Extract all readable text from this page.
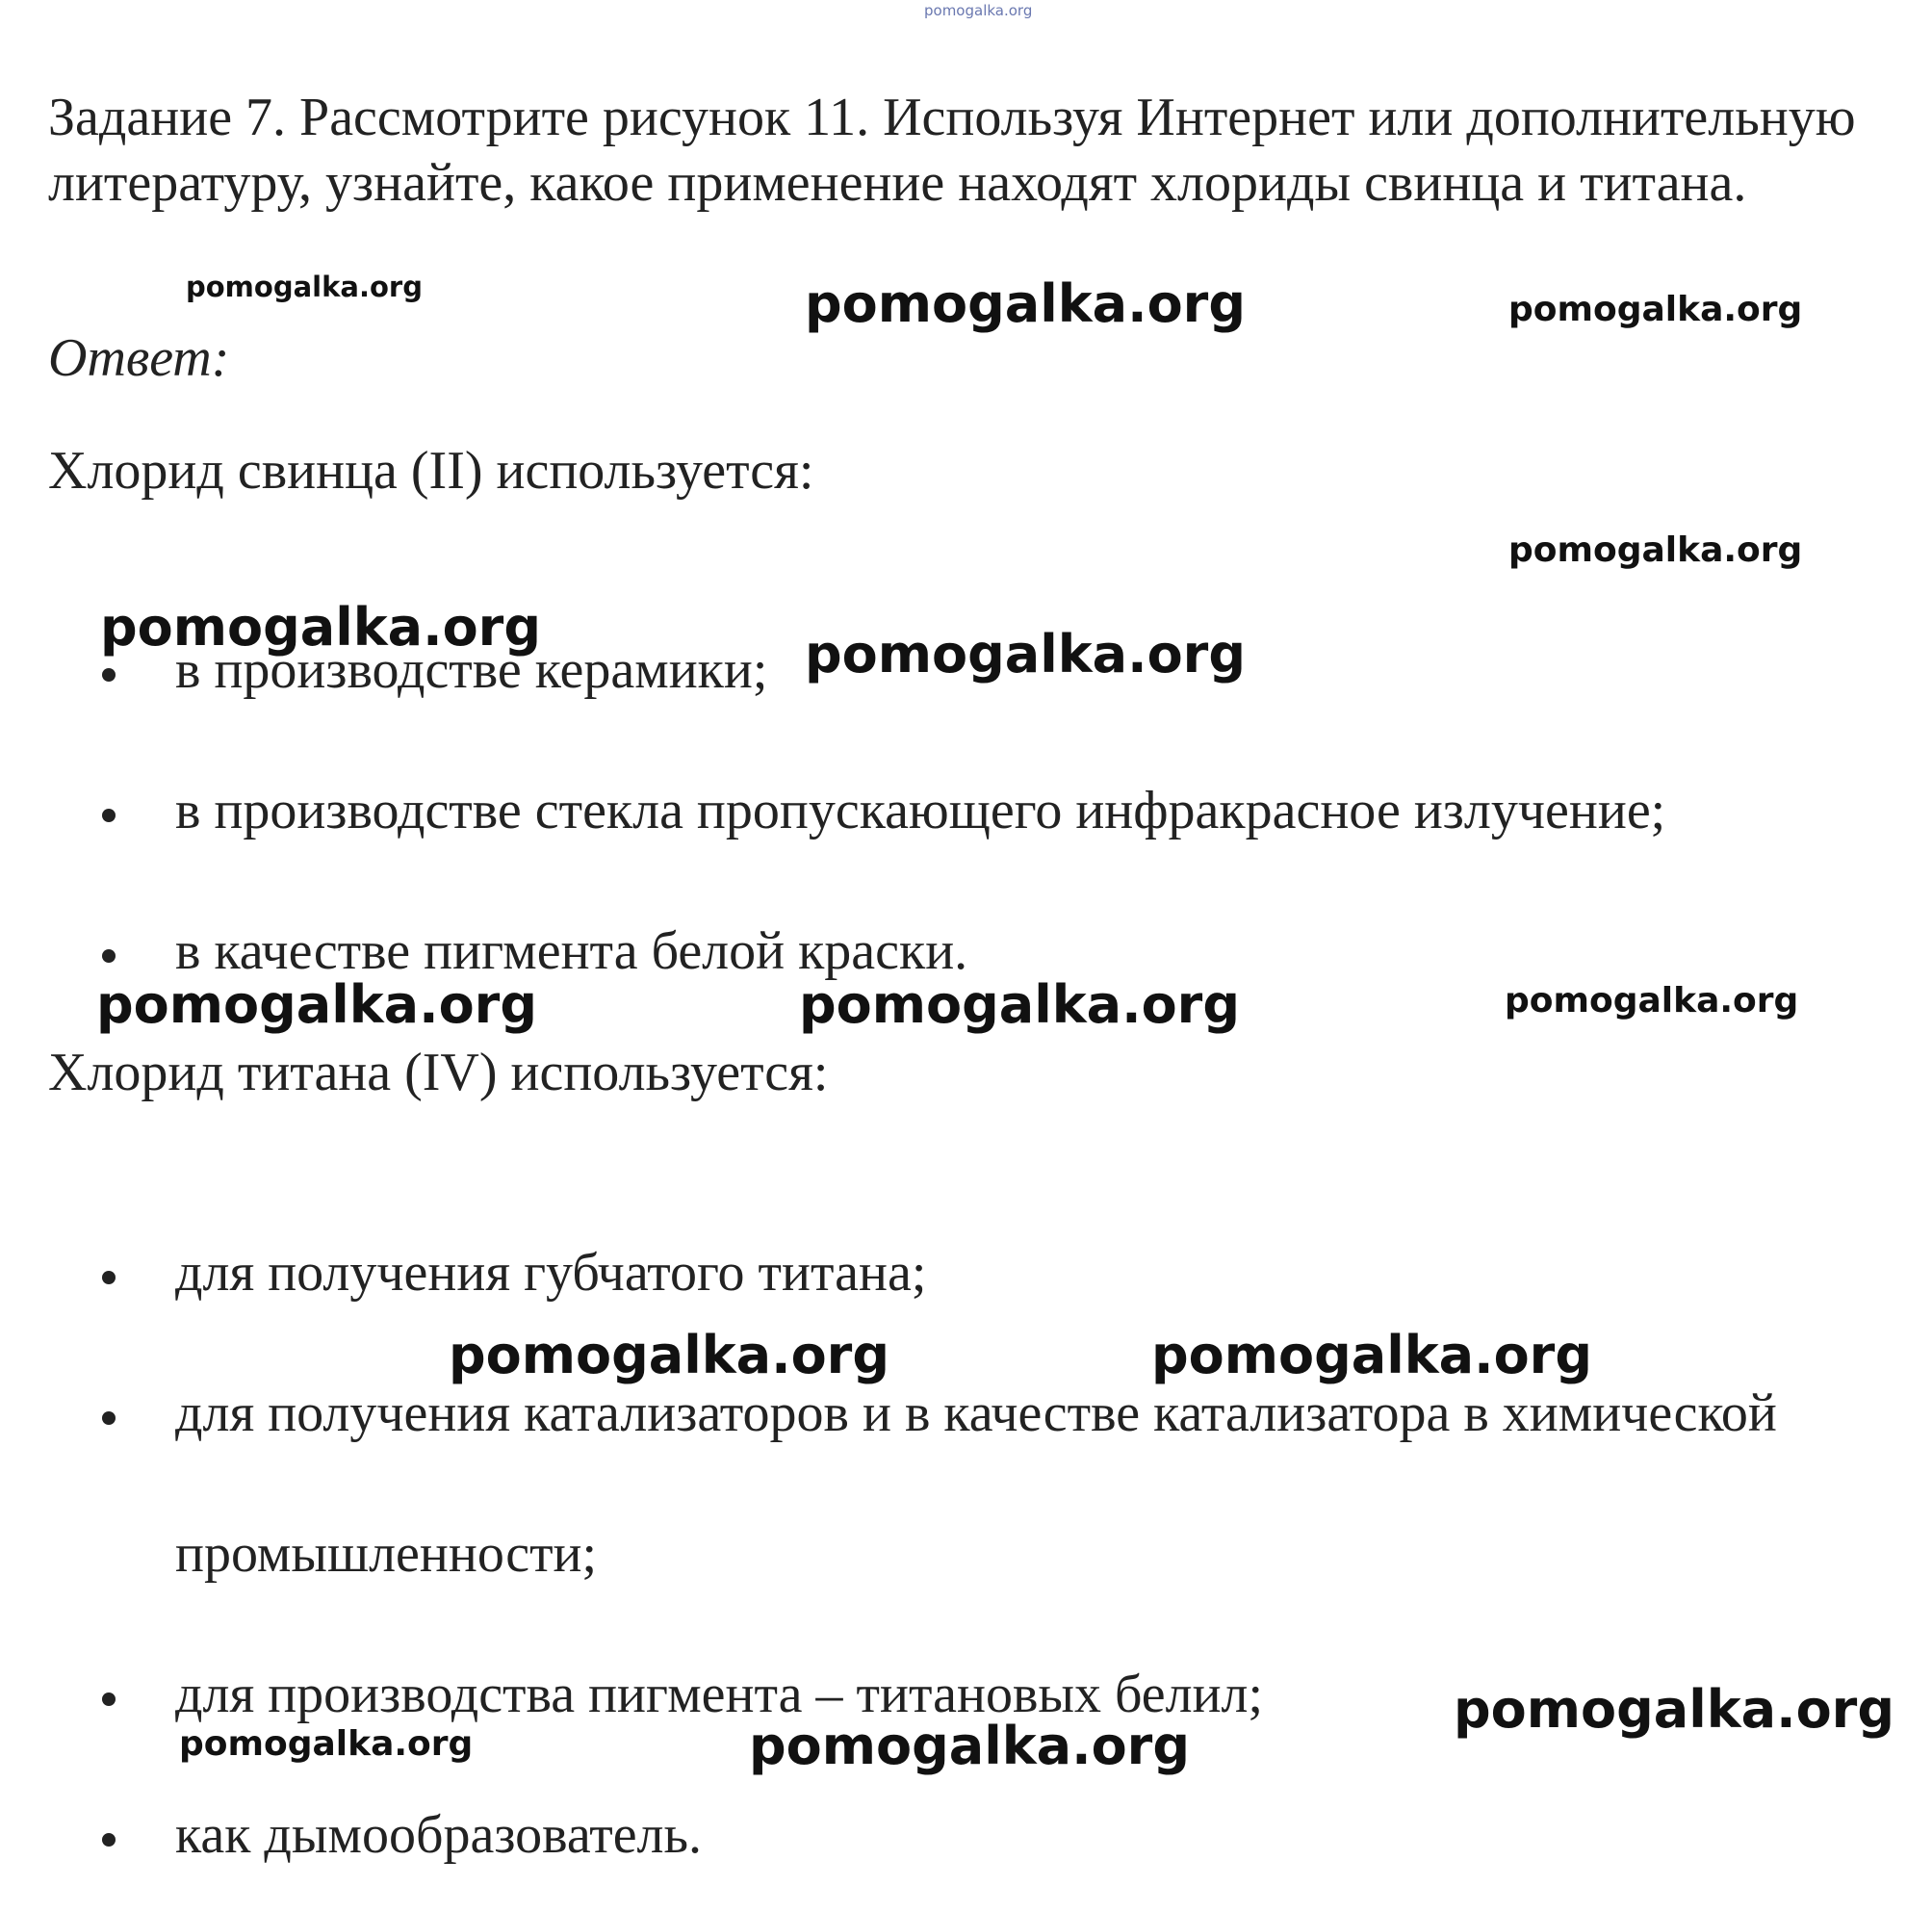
pomogalka.org
Задание 7. Рассмотрите рисунок 11. Используя Интернет или дополнительную литературу, узнайте, какое применение находят хлориды свинца и титана.
Ответ:
Хлорид свинца (II) используется:
в производстве керамики;
в производстве стекла пропускающего инфракрасное излучение;
в качестве пигмента белой краски.
Хлорид титана (IV) используется:
для получения губчатого титана;
для получения катализаторов и в качестве катализатора в химической
промышленности;
для производства пигмента – титановых белил;
как дымообразователь.
pomogalka.org	pomogalka.org	pomogalka.org
pomogalka.org
pomogalka.org	pomogalka.org
pomogalka.org	pomogalka.org	pomogalka.org
pomogalka.org	pomogalka.org
pomogalka.org
pomogalka.org	pomogalka.org
